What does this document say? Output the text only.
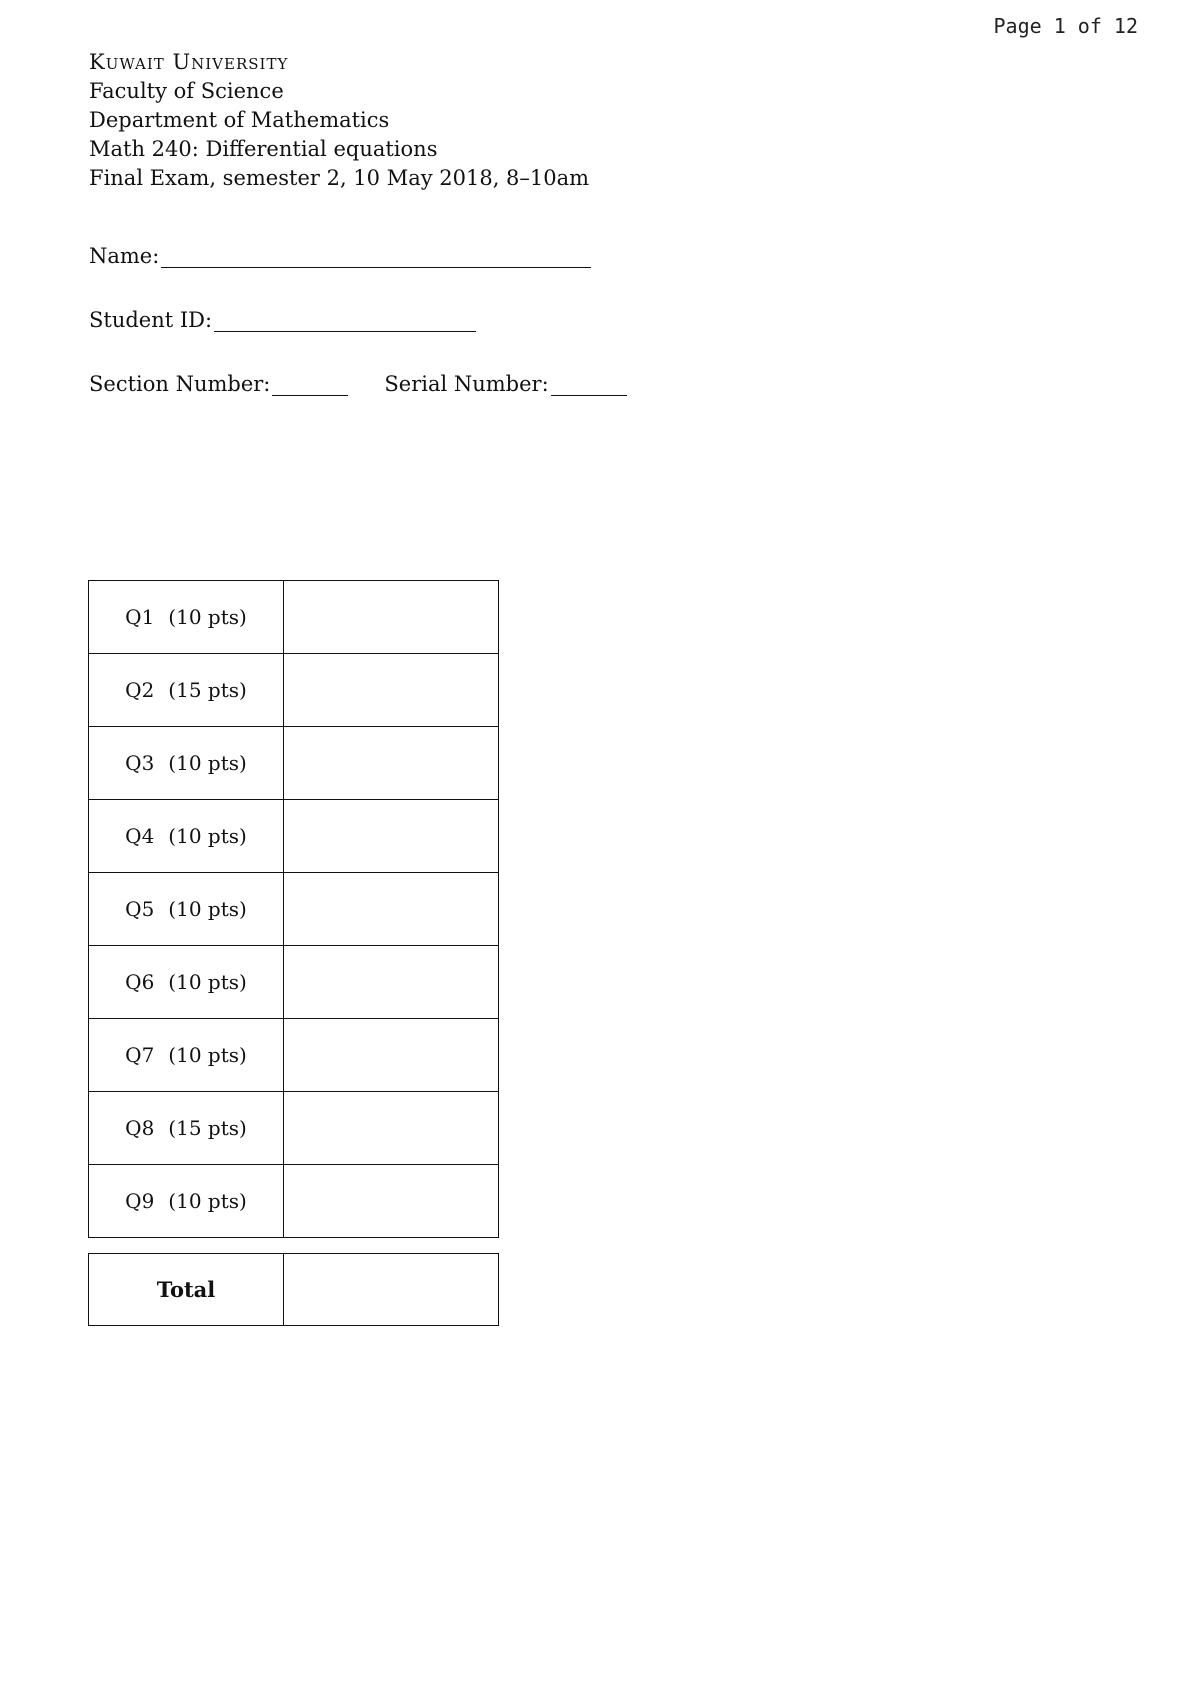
Page 1 of 12
Kuwait University
Faculty of Science
Department of Mathematics
Math 240: Differential equations
Final Exam, semester 2, 10 May 2018, 8–10am
Name:
Student ID:
Section Number:	Serial Number:
Q1 (10 pts)	
Q2 (15 pts)	
Q3 (10 pts)	
Q4 (10 pts)	
Q5 (10 pts)	
Q6 (10 pts)	
Q7 (10 pts)	
Q8 (15 pts)	
Q9 (10 pts)	
Total	
